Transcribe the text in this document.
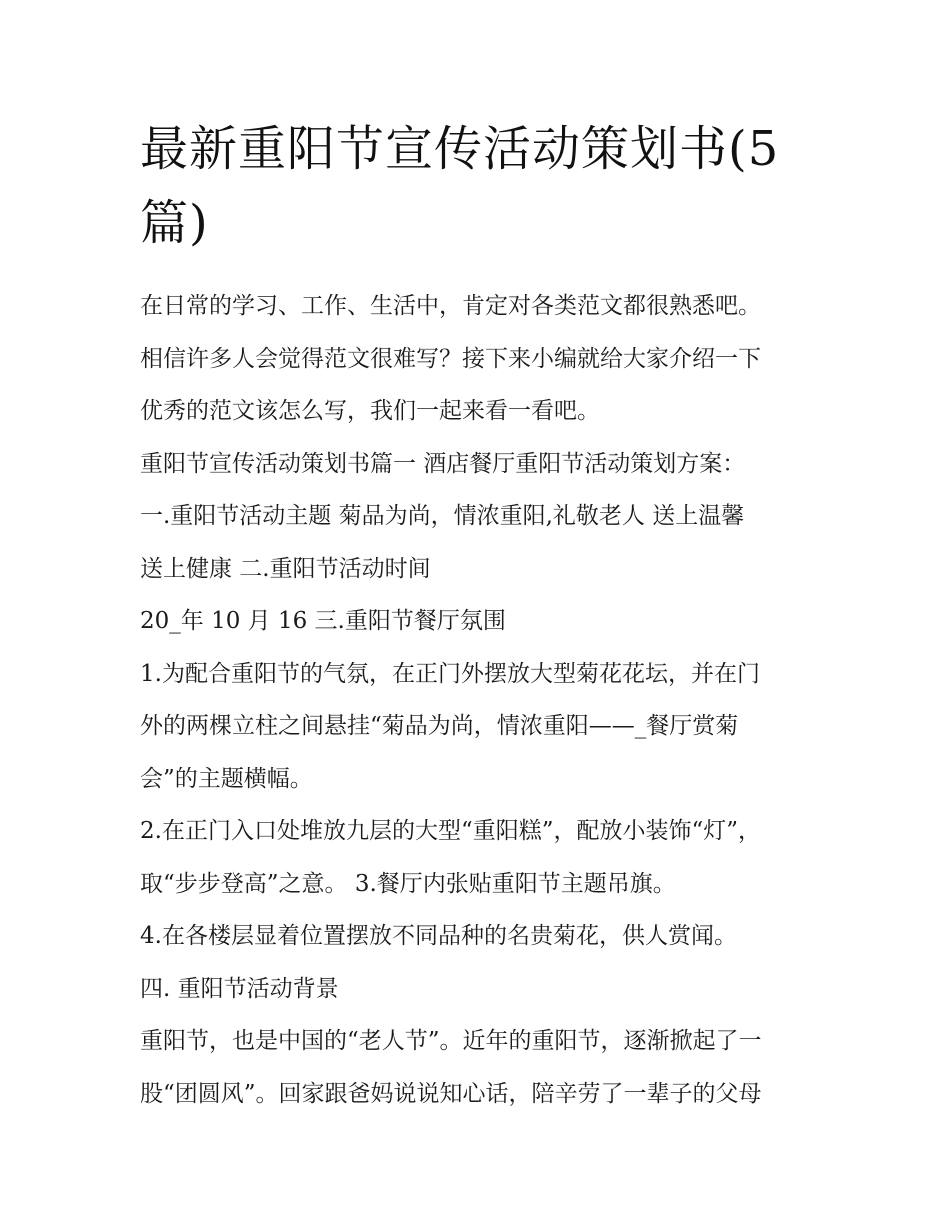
最新重阳节宣传活动策划书(5
篇)
在日常的学习、工作、生活中，肯定对各类范文都很熟悉吧。
相信许多人会觉得范文很难写？接下来小编就给大家介绍一下
优秀的范文该怎么写，我们一起来看一看吧。
重阳节宣传活动策划书篇一 酒店餐厅重阳节活动策划方案：
一.重阳节活动主题 菊品为尚，情浓重阳,礼敬老人 送上温馨
送上健康 二.重阳节活动时间
20_年 10 月 16 三.重阳节餐厅氛围
1.为配合重阳节的气氛，在正门外摆放大型菊花花坛，并在门
外的两棵立柱之间悬挂“菊品为尚，情浓重阳——_餐厅赏菊
会”的主题横幅。
2.在正门入口处堆放九层的大型“重阳糕”，配放小装饰“灯”，
取“步步登高”之意。 3.餐厅内张贴重阳节主题吊旗。
4.在各楼层显着位置摆放不同品种的名贵菊花，供人赏闻。
四. 重阳节活动背景
重阳节，也是中国的“老人节”。近年的重阳节，逐渐掀起了一
股“团圆风”。回家跟爸妈说说知心话，陪辛劳了一辈子的父母
